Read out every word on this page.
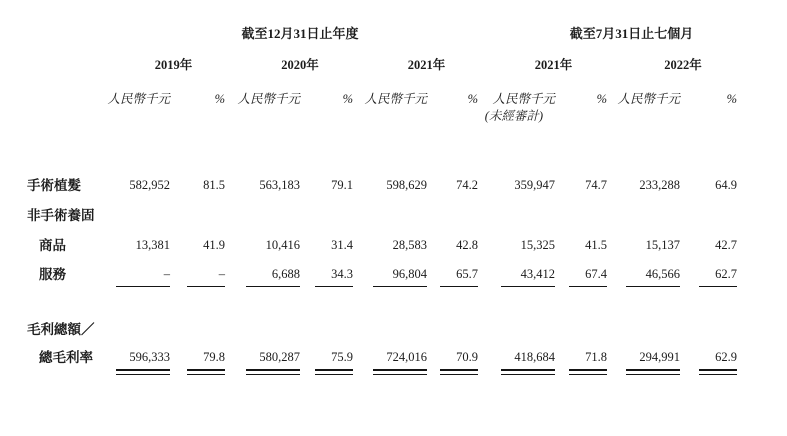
	截至12月31日止年度						截至7月31日止七個月				
	2019年		2020年		2021年		2021年		2022年		
	人民幣千元	%	人民幣千元	%	人民幣千元	%	人民幣千元	%	人民幣千元	%	
							(未經審計)				

手術植髮	582,952	81.5	563,183	79.1	598,629	74.2	359,947	74.7	233,288	64.9	

非手術養固											
商品	13,381	41.9	10,416	31.4	28,583	42.8	15,325	41.5	15,137	42.7	

服務	–	–	6,688	34.3	96,804	65.7	43,412	67.4	46,566	62.7	

毛利總額／											
總毛利率	596,333	79.8	580,287	75.9	724,016	70.9	418,684	71.8	294,991	62.9	
